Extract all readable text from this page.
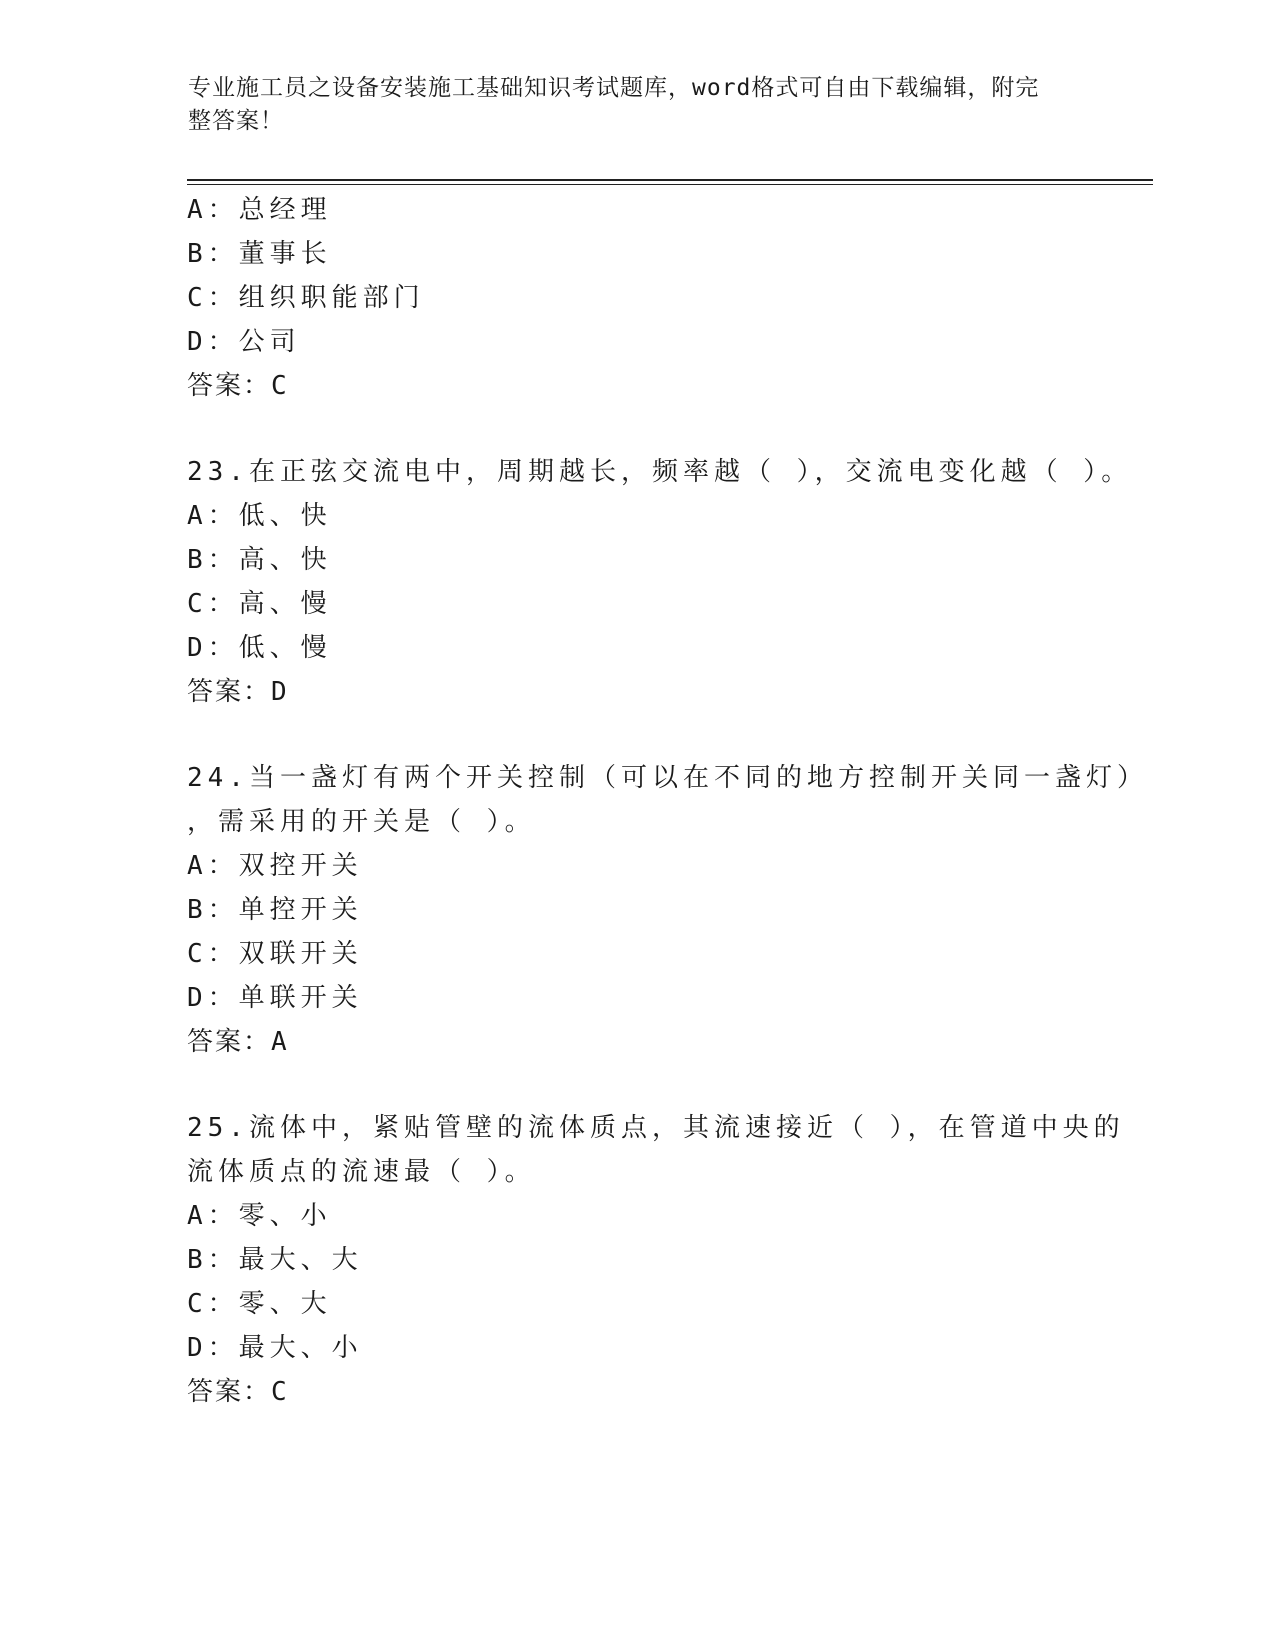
专业施工员之设备安装施工基础知识考试题库，word格式可自由下载编辑，附完
整答案！
A：总经理
B：董事长
C：组织职能部门
D：公司
答案：C
23.在正弦交流电中，周期越长，频率越（ ），交流电变化越（ ）。
A：低、快
B：高、快
C：高、慢
D：低、慢
答案：D
24.当一盏灯有两个开关控制（可以在不同的地方控制开关同一盏灯）
，需采用的开关是（ ）。
A：双控开关
B：单控开关
C：双联开关
D：单联开关
答案：A
25.流体中，紧贴管壁的流体质点，其流速接近（ ），在管道中央的
流体质点的流速最（ ）。
A：零、小
B：最大、大
C：零、大
D：最大、小
答案：C
